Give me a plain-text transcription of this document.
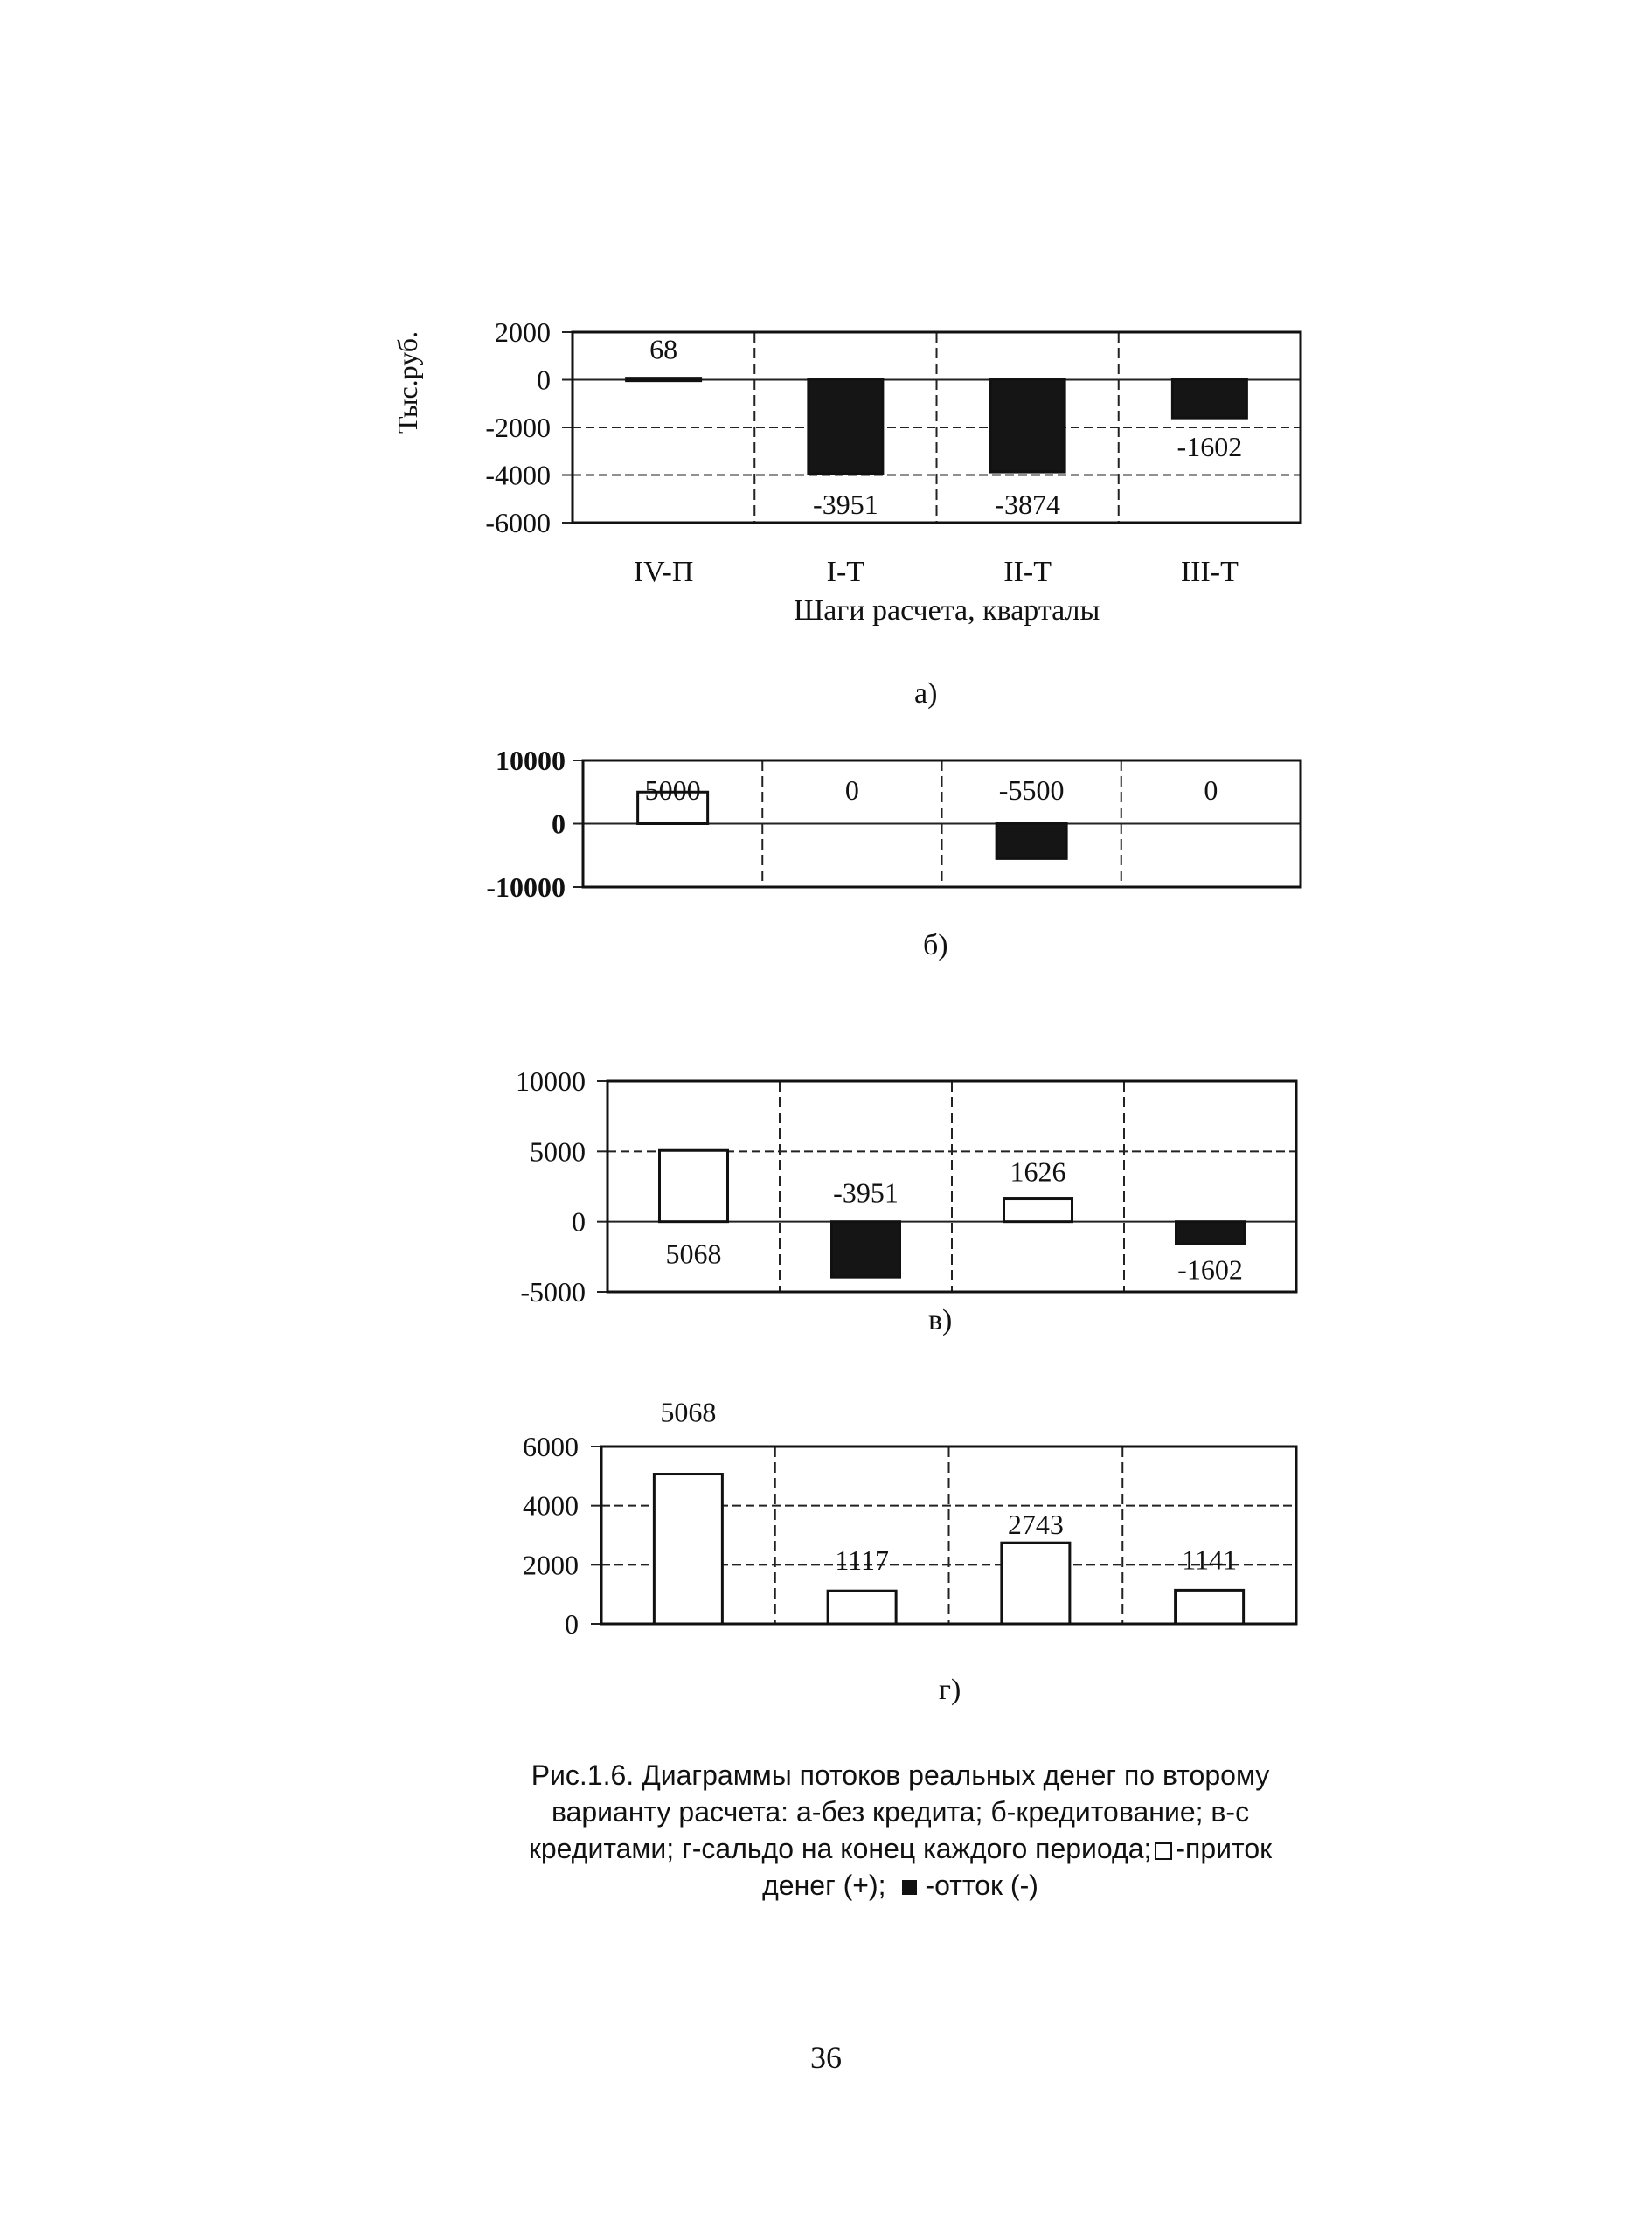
2000
0
-2000
-4000
-6000
68
IV-П
-3951
I-T
-3874
II-T
-1602
III-T
10000
0
-10000
5000	0	-5500	0
10000
5000
0
-5000
5068
-3951
1626
-1602
6000
4000
2000
0
5068
1117
2743
1141
Тыс.руб.
Шаги расчета, кварталы
а)
б)
в)
г)
Рис.1.6. Диаграммы потоков реальных денег по второму
варианту расчета: а-без кредита; б-кредитование; в-с
кредитами; г-сальдо на конец каждого периода; -приток
денег (+); -отток (-)
36
